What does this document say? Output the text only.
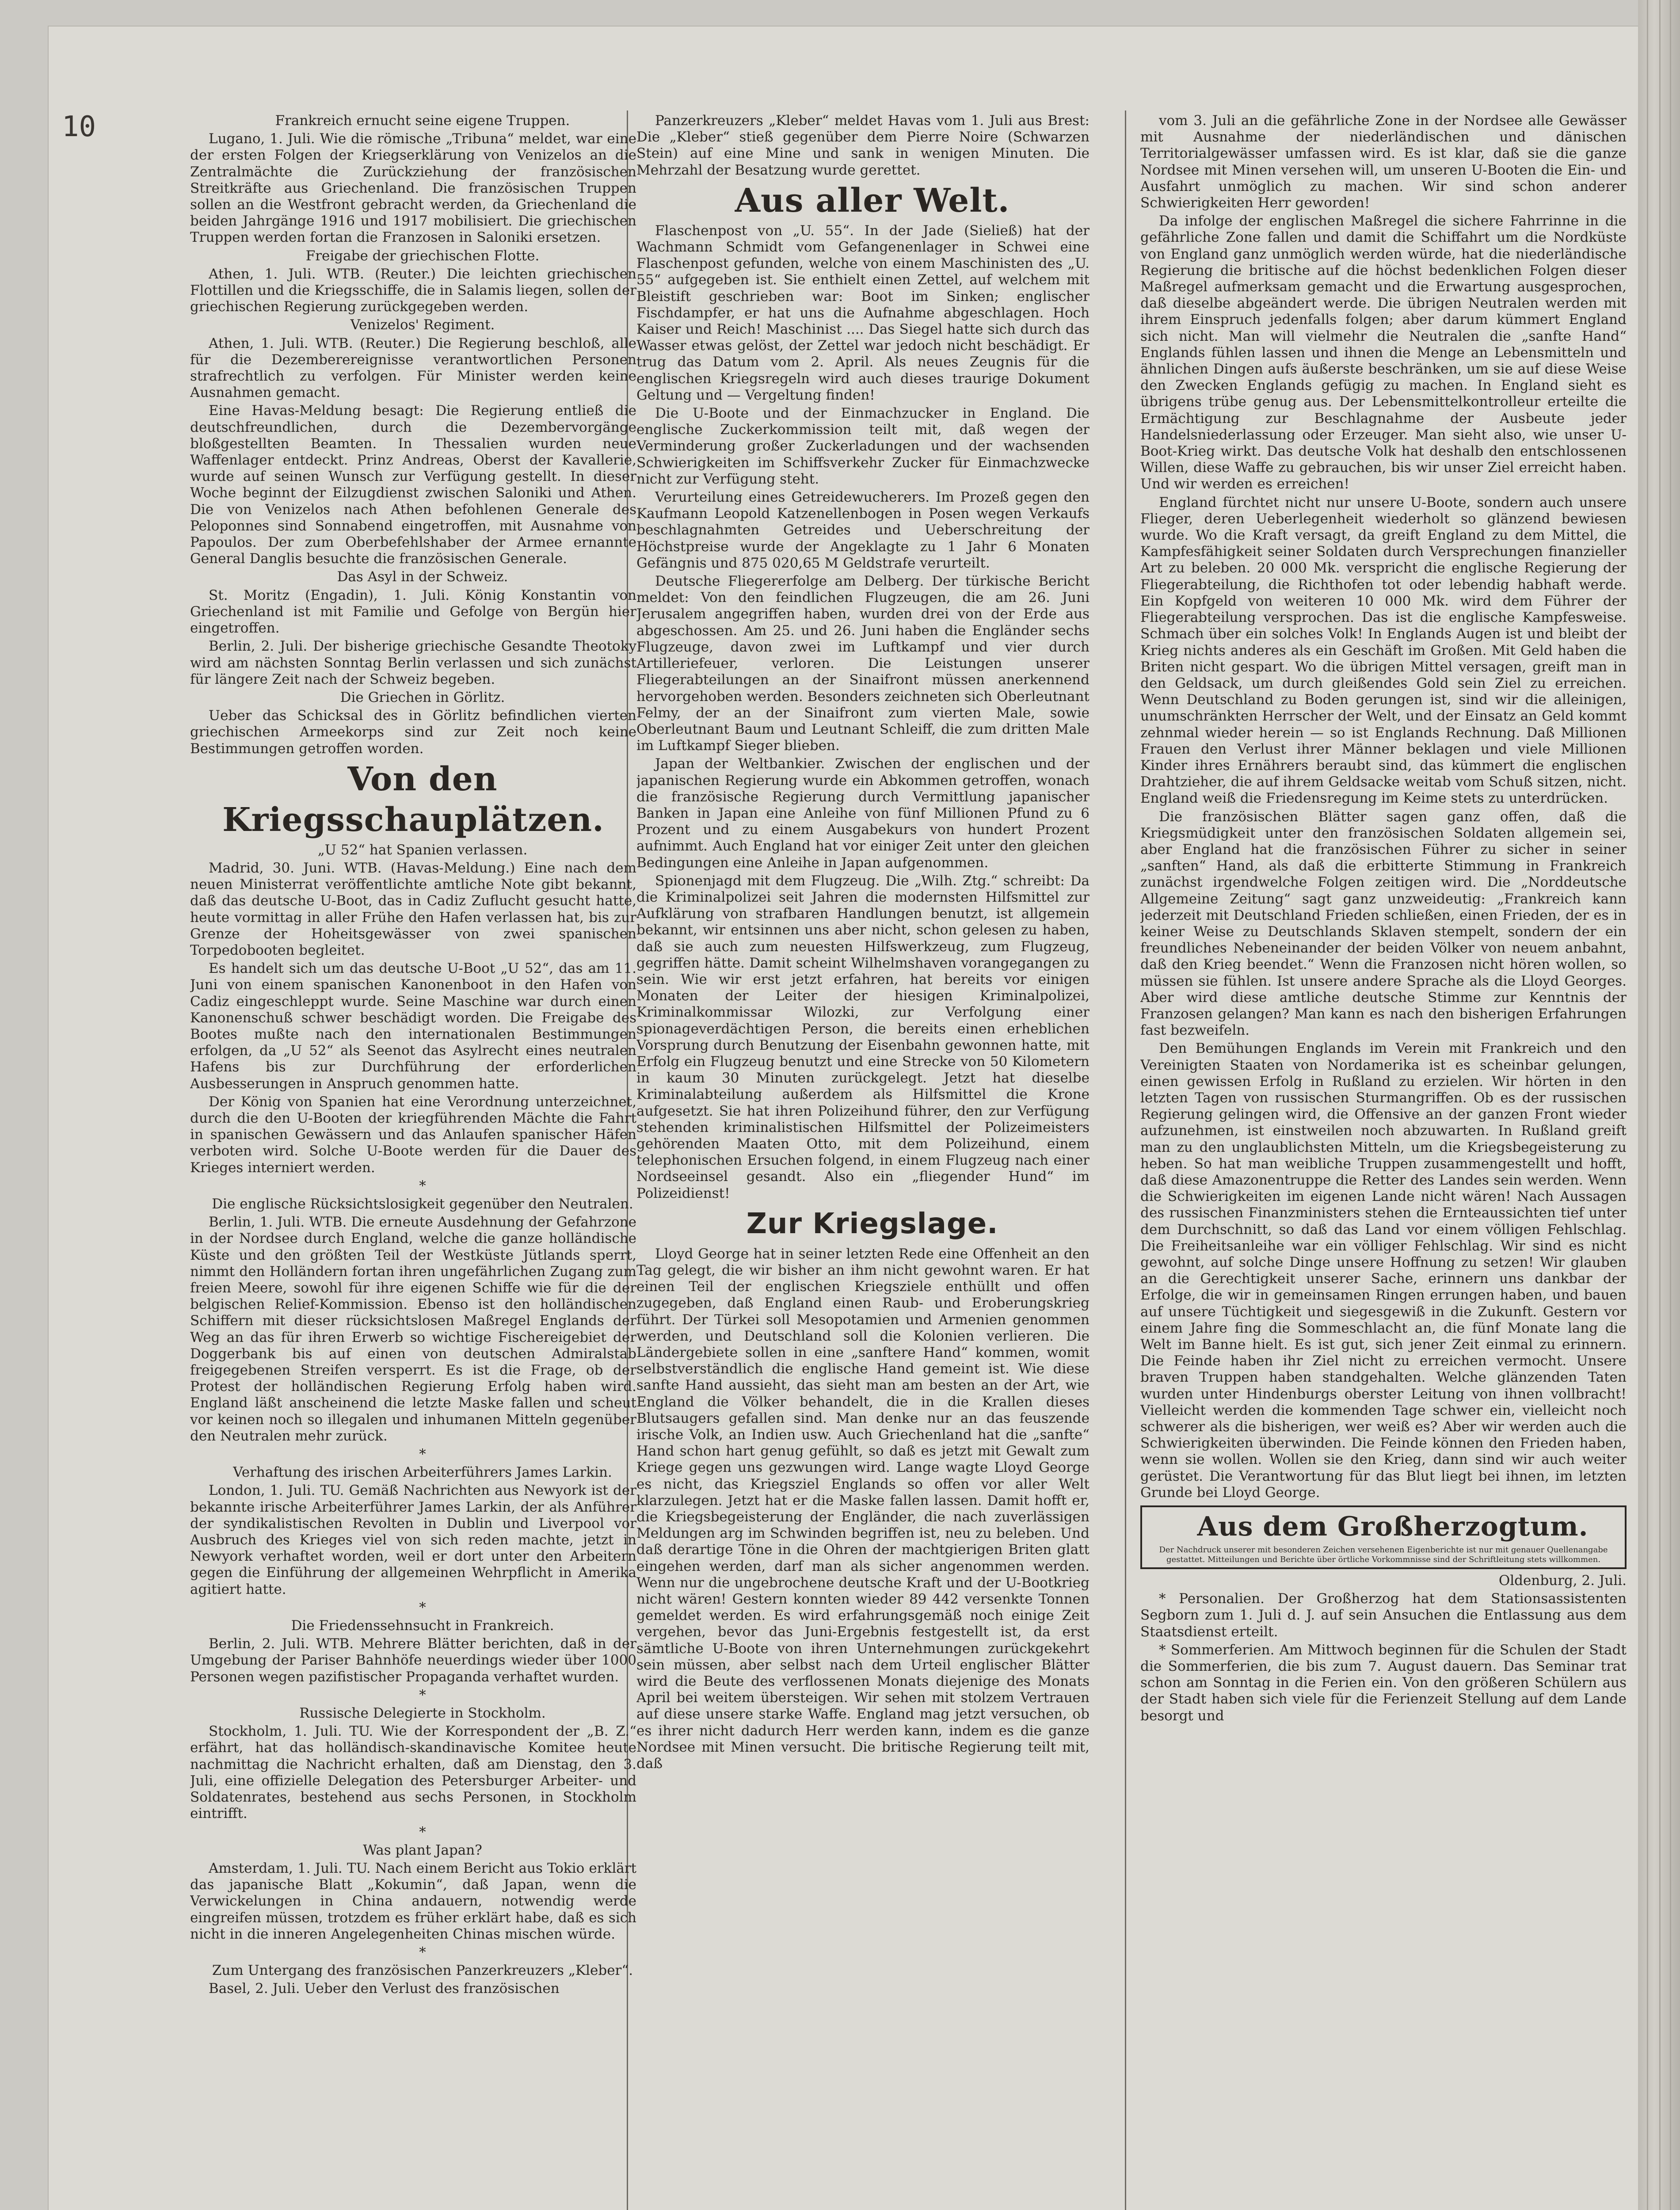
10	Frankreich ernucht seine eigene Truppen.

Lugano, 1. Juli. Wie die römische „Tribuna“ meldet, war eine der ersten Folgen der Kriegserklärung von Venizelos an die Zentralmächte die Zurückziehung der französischen Streitkräfte aus Griechenland. Die französischen Truppen sollen an die Westfront gebracht werden, da Griechenland die beiden Jahrgänge 1916 und 1917 mobilisiert. Die griechischen Truppen werden fortan die Franzosen in Saloniki ersetzen.

Freigabe der griechischen Flotte.

Athen, 1. Juli. WTB. (Reuter.) Die leichten griechischen Flottillen und die Kriegsschiffe, die in Salamis liegen, sollen der griechischen Regierung zurückgegeben werden.

Venizelos' Regiment.

Athen, 1. Juli. WTB. (Reuter.) Die Regierung beschloß, alle für die Dezemberereignisse verantwortlichen Personen strafrechtlich zu verfolgen. Für Minister werden keine Ausnahmen gemacht.

Eine Havas-Meldung besagt: Die Regierung entließ die deutschfreundlichen, durch die Dezembervorgänge bloßgestellten Beamten. In Thessalien wurden neue Waffenlager entdeckt. Prinz Andreas, Oberst der Kavallerie, wurde auf seinen Wunsch zur Verfügung gestellt. In dieser Woche beginnt der Eilzugdienst zwischen Saloniki und Athen. Die von Venizelos nach Athen befohlenen Generale des Peloponnes sind Sonnabend eingetroffen, mit Ausnahme von Papoulos. Der zum Oberbefehlshaber der Armee ernannte General Danglis besuchte die französischen Generale.

Das Asyl in der Schweiz.

St. Moritz (Engadin), 1. Juli. König Konstantin von Griechenland ist mit Familie und Gefolge von Bergün hier eingetroffen.

Berlin, 2. Juli. Der bisherige griechische Gesandte Theotoky wird am nächsten Sonntag Berlin verlassen und sich zunächst für längere Zeit nach der Schweiz begeben.

Die Griechen in Görlitz.

Ueber das Schicksal des in Görlitz befindlichen vierten griechischen Armeekorps sind zur Zeit noch keine Bestimmungen getroffen worden.

Von den Kriegsschauplätzen.

„U 52“ hat Spanien verlassen.

Madrid, 30. Juni. WTB. (Havas-Meldung.) Eine nach dem neuen Ministerrat veröffentlichte amtliche Note gibt bekannt, daß das deutsche U-Boot, das in Cadiz Zuflucht gesucht hatte, heute vormittag in aller Frühe den Hafen verlassen hat, bis zur Grenze der Hoheitsgewässer von zwei spanischen Torpedobooten begleitet.

Es handelt sich um das deutsche U-Boot „U 52“, das am 11. Juni von einem spanischen Kanonenboot in den Hafen von Cadiz eingeschleppt wurde. Seine Maschine war durch einen Kanonenschuß schwer beschädigt worden. Die Freigabe des Bootes mußte nach den internationalen Bestimmungen erfolgen, da „U 52“ als Seenot das Asylrecht eines neutralen Hafens bis zur Durchführung der erforderlichen Ausbesserungen in Anspruch genommen hatte.

Der König von Spanien hat eine Verordnung unterzeichnet, durch die den U-Booten der kriegführenden Mächte die Fahrt in spanischen Gewässern und das Anlaufen spanischer Häfen verboten wird. Solche U-Boote werden für die Dauer des Krieges interniert werden.

*

Die englische Rücksichtslosigkeit gegenüber den Neutralen.

Berlin, 1. Juli. WTB. Die erneute Ausdehnung der Gefahrzone in der Nordsee durch England, welche die ganze holländische Küste und den größten Teil der Westküste Jütlands sperrt, nimmt den Holländern fortan ihren ungefährlichen Zugang zum freien Meere, sowohl für ihre eigenen Schiffe wie für die der belgischen Relief-Kommission. Ebenso ist den holländischen Schiffern mit dieser rücksichtslosen Maßregel Englands der Weg an das für ihren Erwerb so wichtige Fischereigebiet der Doggerbank bis auf einen von deutschen Admiralstab freigegebenen Streifen versperrt. Es ist die Frage, ob der Protest der holländischen Regierung Erfolg haben wird. England läßt anscheinend die letzte Maske fallen und scheut vor keinen noch so illegalen und inhumanen Mitteln gegenüber den Neutralen mehr zurück.

*

Verhaftung des irischen Arbeiterführers James Larkin.

London, 1. Juli. TU. Gemäß Nachrichten aus Newyork ist der bekannte irische Arbeiterführer James Larkin, der als Anführer der syndikalistischen Revolten in Dublin und Liverpool vor Ausbruch des Krieges viel von sich reden machte, jetzt in Newyork verhaftet worden, weil er dort unter den Arbeitern gegen die Einführung der allgemeinen Wehrpflicht in Amerika agitiert hatte.

*

Die Friedenssehnsucht in Frankreich.

Berlin, 2. Juli. WTB. Mehrere Blätter berichten, daß in der Umgebung der Pariser Bahnhöfe neuerdings wieder über 1000 Personen wegen pazifistischer Propaganda verhaftet wurden.

*

Russische Delegierte in Stockholm.

Stockholm, 1. Juli. TU. Wie der Korrespondent der „B. Z.“ erfährt, hat das holländisch-skandinavische Komitee heute nachmittag die Nachricht erhalten, daß am Dienstag, den 3. Juli, eine offizielle Delegation des Petersburger Arbeiter- und Soldatenrates, bestehend aus sechs Personen, in Stockholm eintrifft.

*

Was plant Japan?

Amsterdam, 1. Juli. TU. Nach einem Bericht aus Tokio erklärt das japanische Blatt „Kokumin“, daß Japan, wenn die Verwickelungen in China andauern, notwendig werde eingreifen müssen, trotzdem es früher erklärt habe, daß es sich nicht in die inneren Angelegenheiten Chinas mischen würde.

*

Zum Untergang des französischen Panzerkreuzers „Kleber“.

Basel, 2. Juli. Ueber den Verlust des französischen

Panzerkreuzers „Kleber“ meldet Havas vom 1. Juli aus Brest: Die „Kleber“ stieß gegenüber dem Pierre Noire (Schwarzen Stein) auf eine Mine und sank in wenigen Minuten. Die Mehrzahl der Besatzung wurde gerettet.

Aus aller Welt.

Flaschenpost von „U. 55“. In der Jade (Sieließ) hat der Wachmann Schmidt vom Gefangenenlager in Schwei eine Flaschenpost gefunden, welche von einem Maschinisten des „U. 55“ aufgegeben ist. Sie enthielt einen Zettel, auf welchem mit Bleistift geschrieben war: Boot im Sinken; englischer Fischdampfer, er hat uns die Aufnahme abgeschlagen. Hoch Kaiser und Reich! Maschinist .... Das Siegel hatte sich durch das Wasser etwas gelöst, der Zettel war jedoch nicht beschädigt. Er trug das Datum vom 2. April. Als neues Zeugnis für die englischen Kriegsregeln wird auch dieses traurige Dokument Geltung und — Vergeltung finden!

Die U-Boote und der Einmachzucker in England. Die englische Zuckerkommission teilt mit, daß wegen der Verminderung großer Zuckerladungen und der wachsenden Schwierigkeiten im Schiffsverkehr Zucker für Einmachzwecke nicht zur Verfügung steht.

Verurteilung eines Getreidewucherers. Im Prozeß gegen den Kaufmann Leopold Katzenellenbogen in Posen wegen Verkaufs beschlagnahmten Getreides und Ueberschreitung der Höchstpreise wurde der Angeklagte zu 1 Jahr 6 Monaten Gefängnis und 875 020,65 M Geldstrafe verurteilt.

Deutsche Fliegererfolge am Delberg. Der türkische Bericht meldet: Von den feindlichen Flugzeugen, die am 26. Juni Jerusalem angegriffen haben, wurden drei von der Erde aus abgeschossen. Am 25. und 26. Juni haben die Engländer sechs Flugzeuge, davon zwei im Luftkampf und vier durch Artilleriefeuer, verloren. Die Leistungen unserer Fliegerabteilungen an der Sinaifront müssen anerkennend hervorgehoben werden. Besonders zeichneten sich Oberleutnant Felmy, der an der Sinaifront zum vierten Male, sowie Oberleutnant Baum und Leutnant Schleiff, die zum dritten Male im Luftkampf Sieger blieben.

Japan der Weltbankier. Zwischen der englischen und der japanischen Regierung wurde ein Abkommen getroffen, wonach die französische Regierung durch Vermittlung japanischer Banken in Japan eine Anleihe von fünf Millionen Pfund zu 6 Prozent und zu einem Ausgabekurs von hundert Prozent aufnimmt. Auch England hat vor einiger Zeit unter den gleichen Bedingungen eine Anleihe in Japan aufgenommen.

Spionenjagd mit dem Flugzeug. Die „Wilh. Ztg.“ schreibt: Da die Kriminalpolizei seit Jahren die modernsten Hilfsmittel zur Aufklärung von strafbaren Handlungen benutzt, ist allgemein bekannt, wir entsinnen uns aber nicht, schon gelesen zu haben, daß sie auch zum neuesten Hilfswerkzeug, zum Flugzeug, gegriffen hätte. Damit scheint Wilhelmshaven vorangegangen zu sein. Wie wir erst jetzt erfahren, hat bereits vor einigen Monaten der Leiter der hiesigen Kriminalpolizei, Kriminalkommissar Wilozki, zur Verfolgung einer spionageverdächtigen Person, die bereits einen erheblichen Vorsprung durch Benutzung der Eisenbahn gewonnen hatte, mit Erfolg ein Flugzeug benutzt und eine Strecke von 50 Kilometern in kaum 30 Minuten zurückgelegt. Jetzt hat dieselbe Kriminalabteilung außerdem als Hilfsmittel die Krone aufgesetzt. Sie hat ihren Polizeihund führer, den zur Verfügung stehenden kriminalistischen Hilfsmittel der Polizeimeisters gehörenden Maaten Otto, mit dem Polizeihund, einem telephonischen Ersuchen folgend, in einem Flugzeug nach einer Nordseeinsel gesandt. Also ein „fliegender Hund“ im Polizeidienst!

Zur Kriegslage.

Lloyd George hat in seiner letzten Rede eine Offenheit an den Tag gelegt, die wir bisher an ihm nicht gewohnt waren. Er hat einen Teil der englischen Kriegsziele enthüllt und offen zugegeben, daß England einen Raub- und Eroberungskrieg führt. Der Türkei soll Mesopotamien und Armenien genommen werden, und Deutschland soll die Kolonien verlieren. Die Ländergebiete sollen in eine „sanftere Hand“ kommen, womit selbstverständlich die englische Hand gemeint ist. Wie diese sanfte Hand aussieht, das sieht man am besten an der Art, wie England die Völker behandelt, die in die Krallen dieses Blutsaugers gefallen sind. Man denke nur an das feuszende irische Volk, an Indien usw. Auch Griechenland hat die „sanfte“ Hand schon hart genug gefühlt, so daß es jetzt mit Gewalt zum Kriege gegen uns gezwungen wird. Lange wagte Lloyd George es nicht, das Kriegsziel Englands so offen vor aller Welt klarzulegen. Jetzt hat er die Maske fallen lassen. Damit hofft er, die Kriegsbegeisterung der Engländer, die nach zuverlässigen Meldungen arg im Schwinden begriffen ist, neu zu beleben. Und daß derartige Töne in die Ohren der machtgierigen Briten glatt eingehen werden, darf man als sicher angenommen werden. Wenn nur die ungebrochene deutsche Kraft und der U-Bootkrieg nicht wären! Gestern konnten wieder 89 442 versenkte Tonnen gemeldet werden. Es wird erfahrungsgemäß noch einige Zeit vergehen, bevor das Juni-Ergebnis festgestellt ist, da erst sämtliche U-Boote von ihren Unternehmungen zurückgekehrt sein müssen, aber selbst nach dem Urteil englischer Blätter wird die Beute des verflossenen Monats diejenige des Monats April bei weitem übersteigen. Wir sehen mit stolzem Vertrauen auf diese unsere starke Waffe. England mag jetzt versuchen, ob es ihrer nicht dadurch Herr werden kann, indem es die ganze Nordsee mit Minen versucht. Die britische Regierung teilt mit, daß

vom 3. Juli an die gefährliche Zone in der Nordsee alle Gewässer mit Ausnahme der niederländischen und dänischen Territorialgewässer umfassen wird. Es ist klar, daß sie die ganze Nordsee mit Minen versehen will, um unseren U-Booten die Ein- und Ausfahrt unmöglich zu machen. Wir sind schon anderer Schwierigkeiten Herr geworden!

Da infolge der englischen Maßregel die sichere Fahrrinne in die gefährliche Zone fallen und damit die Schiffahrt um die Nordküste von England ganz unmöglich werden würde, hat die niederländische Regierung die britische auf die höchst bedenklichen Folgen dieser Maßregel aufmerksam gemacht und die Erwartung ausgesprochen, daß dieselbe abgeändert werde. Die übrigen Neutralen werden mit ihrem Einspruch jedenfalls folgen; aber darum kümmert England sich nicht. Man will vielmehr die Neutralen die „sanfte Hand“ Englands fühlen lassen und ihnen die Menge an Lebensmitteln und ähnlichen Dingen aufs äußerste beschränken, um sie auf diese Weise den Zwecken Englands gefügig zu machen. In England sieht es übrigens trübe genug aus. Der Lebensmittelkontrolleur erteilte die Ermächtigung zur Beschlagnahme der Ausbeute jeder Handelsniederlassung oder Erzeuger. Man sieht also, wie unser U-Boot-Krieg wirkt. Das deutsche Volk hat deshalb den entschlossenen Willen, diese Waffe zu gebrauchen, bis wir unser Ziel erreicht haben. Und wir werden es erreichen!

England fürchtet nicht nur unsere U-Boote, sondern auch unsere Flieger, deren Ueberlegenheit wiederholt so glänzend bewiesen wurde. Wo die Kraft versagt, da greift England zu dem Mittel, die Kampfesfähigkeit seiner Soldaten durch Versprechungen finanzieller Art zu beleben. 20 000 Mk. verspricht die englische Regierung der Fliegerabteilung, die Richthofen tot oder lebendig habhaft werde. Ein Kopfgeld von weiteren 10 000 Mk. wird dem Führer der Fliegerabteilung versprochen. Das ist die englische Kampfesweise. Schmach über ein solches Volk! In Englands Augen ist und bleibt der Krieg nichts anderes als ein Geschäft im Großen. Mit Geld haben die Briten nicht gespart. Wo die übrigen Mittel versagen, greift man in den Geldsack, um durch gleißendes Gold sein Ziel zu erreichen. Wenn Deutschland zu Boden gerungen ist, sind wir die alleinigen, unumschränkten Herrscher der Welt, und der Einsatz an Geld kommt zehnmal wieder herein — so ist Englands Rechnung. Daß Millionen Frauen den Verlust ihrer Männer beklagen und viele Millionen Kinder ihres Ernährers beraubt sind, das kümmert die englischen Drahtzieher, die auf ihrem Geldsacke weitab vom Schuß sitzen, nicht. England weiß die Friedensregung im Keime stets zu unterdrücken.

Die französischen Blätter sagen ganz offen, daß die Kriegsmüdigkeit unter den französischen Soldaten allgemein sei, aber England hat die französischen Führer zu sicher in seiner „sanften“ Hand, als daß die erbitterte Stimmung in Frankreich zunächst irgendwelche Folgen zeitigen wird. Die „Norddeutsche Allgemeine Zeitung“ sagt ganz unzweideutig: „Frankreich kann jederzeit mit Deutschland Frieden schließen, einen Frieden, der es in keiner Weise zu Deutschlands Sklaven stempelt, sondern der ein freundliches Nebeneinander der beiden Völker von neuem anbahnt, daß den Krieg beendet.“ Wenn die Franzosen nicht hören wollen, so müssen sie fühlen. Ist unsere andere Sprache als die Lloyd Georges. Aber wird diese amtliche deutsche Stimme zur Kenntnis der Franzosen gelangen? Man kann es nach den bisherigen Erfahrungen fast bezweifeln.

Den Bemühungen Englands im Verein mit Frankreich und den Vereinigten Staaten von Nordamerika ist es scheinbar gelungen, einen gewissen Erfolg in Rußland zu erzielen. Wir hörten in den letzten Tagen von russischen Sturmangriffen. Ob es der russischen Regierung gelingen wird, die Offensive an der ganzen Front wieder aufzunehmen, ist einstweilen noch abzuwarten. In Rußland greift man zu den unglaublichsten Mitteln, um die Kriegsbegeisterung zu heben. So hat man weibliche Truppen zusammengestellt und hofft, daß diese Amazonentruppe die Retter des Landes sein werden. Wenn die Schwierigkeiten im eigenen Lande nicht wären! Nach Aussagen des russischen Finanzministers stehen die Ernteaussichten tief unter dem Durchschnitt, so daß das Land vor einem völligen Fehlschlag. Die Freiheitsanleihe war ein völliger Fehlschlag. Wir sind es nicht gewohnt, auf solche Dinge unsere Hoffnung zu setzen! Wir glauben an die Gerechtigkeit unserer Sache, erinnern uns dankbar der Erfolge, die wir in gemeinsamen Ringen errungen haben, und bauen auf unsere Tüchtigkeit und siegesgewiß in die Zukunft. Gestern vor einem Jahre fing die Sommeschlacht an, die fünf Monate lang die Welt im Banne hielt. Es ist gut, sich jener Zeit einmal zu erinnern. Die Feinde haben ihr Ziel nicht zu erreichen vermocht. Unsere braven Truppen haben standgehalten. Welche glänzenden Taten wurden unter Hindenburgs oberster Leitung von ihnen vollbracht! Vielleicht werden die kommenden Tage schwer ein, vielleicht noch schwerer als die bisherigen, wer weiß es? Aber wir werden auch die Schwierigkeiten überwinden. Die Feinde können den Frieden haben, wenn sie wollen. Wollen sie den Krieg, dann sind wir auch weiter gerüstet. Die Verantwortung für das Blut liegt bei ihnen, im letzten Grunde bei Lloyd George.

Aus dem Großherzogtum.

Der Nachdruck unserer mit besonderen Zeichen versehenen Eigenberichte ist nur mit genauer Quellenangabe gestattet. Mitteilungen und Berichte über örtliche Vorkommnisse sind der Schriftleitung stets willkommen.

Oldenburg, 2. Juli.

* Personalien. Der Großherzog hat dem Stationsassistenten Segborn zum 1. Juli d. J. auf sein Ansuchen die Entlassung aus dem Staatsdienst erteilt.

* Sommerferien. Am Mittwoch beginnen für die Schulen der Stadt die Sommerferien, die bis zum 7. August dauern. Das Seminar trat schon am Sonntag in die Ferien ein. Von den größeren Schülern aus der Stadt haben sich viele für die Ferienzeit Stellung auf dem Lande besorgt und
